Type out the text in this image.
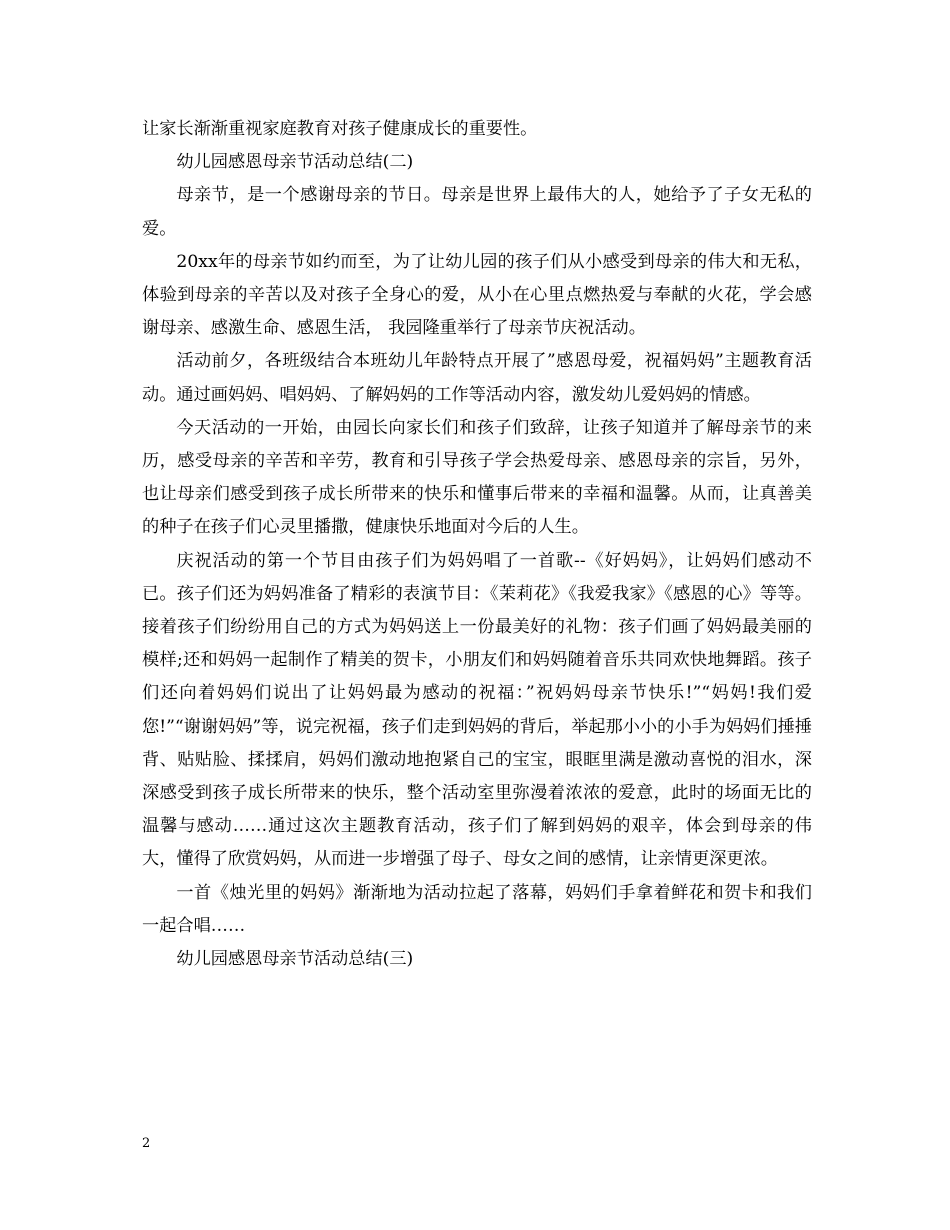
让家长渐渐重视家庭教育对孩子健康成长的重要性。

幼儿园感恩母亲节活动总结(二)

母亲节，是一个感谢母亲的节日。母亲是世界上最伟大的人，她给予了子女无私的爱。

20xx年的母亲节如约而至，为了让幼儿园的孩子们从小感受到母亲的伟大和无私，体验到母亲的辛苦以及对孩子全身心的爱，从小在心里点燃热爱与奉献的火花，学会感谢母亲、感激生命、感恩生活， 我园隆重举行了母亲节庆祝活动。

活动前夕，各班级结合本班幼儿年龄特点开展了”感恩母爱，祝福妈妈”主题教育活动。通过画妈妈、唱妈妈、了解妈妈的工作等活动内容，激发幼儿爱妈妈的情感。

今天活动的一开始，由园长向家长们和孩子们致辞，让孩子知道并了解母亲节的来历，感受母亲的辛苦和辛劳，教育和引导孩子学会热爱母亲、感恩母亲的宗旨，另外，也让母亲们感受到孩子成长所带来的快乐和懂事后带来的幸福和温馨。从而，让真善美的种子在孩子们心灵里播撒，健康快乐地面对今后的人生。

庆祝活动的第一个节目由孩子们为妈妈唱了一首歌--《好妈妈》，让妈妈们感动不已。孩子们还为妈妈准备了精彩的表演节目：《茉莉花》《我爱我家》《感恩的心》等等。接着孩子们纷纷用自己的方式为妈妈送上一份最美好的礼物：孩子们画了妈妈最美丽的模样;还和妈妈一起制作了精美的贺卡，小朋友们和妈妈随着音乐共同欢快地舞蹈。孩子们还向着妈妈们说出了让妈妈最为感动的祝福：”祝妈妈母亲节快乐!”“妈妈!我们爱您!”“谢谢妈妈”等，说完祝福，孩子们走到妈妈的背后，举起那小小的小手为妈妈们捶捶背、贴贴脸、揉揉肩，妈妈们激动地抱紧自己的宝宝，眼眶里满是激动喜悦的泪水，深深感受到孩子成长所带来的快乐，整个活动室里弥漫着浓浓的爱意，此时的场面无比的温馨与感动……通过这次主题教育活动，孩子们了解到妈妈的艰辛，体会到母亲的伟大，懂得了欣赏妈妈，从而进一步增强了母子、母女之间的感情，让亲情更深更浓。

一首《烛光里的妈妈》渐渐地为活动拉起了落幕，妈妈们手拿着鲜花和贺卡和我们一起合唱……

幼儿园感恩母亲节活动总结(三)

2
